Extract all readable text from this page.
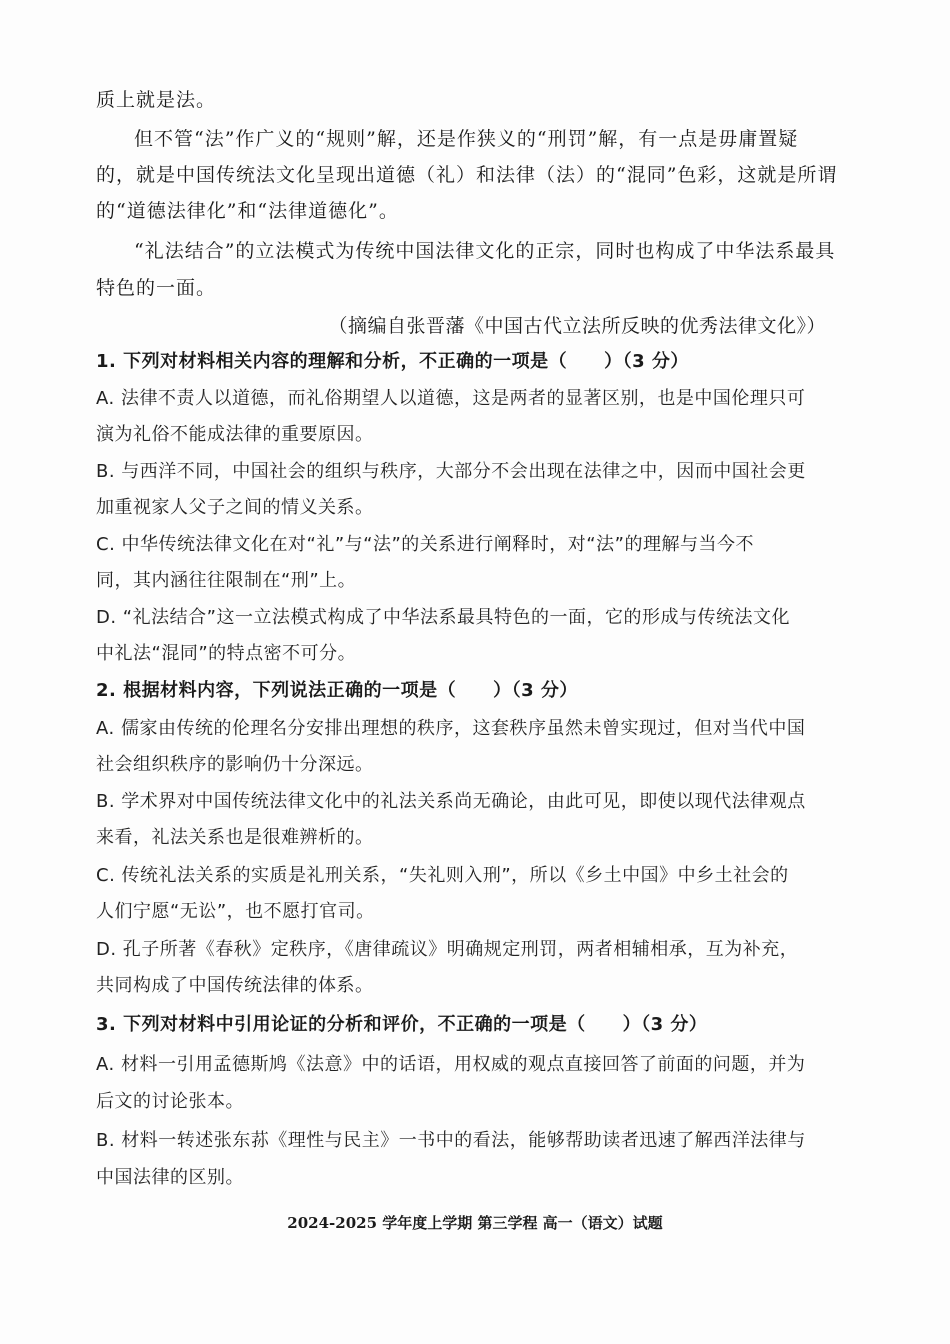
质上就是法。
但不管“法”作广义的“规则”解，还是作狭义的“刑罚”解，有一点是毋庸置疑
的，就是中国传统法文化呈现出道德（礼）和法律（法）的“混同”色彩，这就是所谓
的“道德法律化”和“法律道德化”。
“礼法结合”的立法模式为传统中国法律文化的正宗，同时也构成了中华法系最具
特色的一面。
（摘编自张晋藩《中国古代立法所反映的优秀法律文化》）
1. 下列对材料相关内容的理解和分析，不正确的一项是（　　）（3 分）
A. 法律不责人以道德，而礼俗期望人以道德，这是两者的显著区别，也是中国伦理只可
演为礼俗不能成法律的重要原因。
B. 与西洋不同，中国社会的组织与秩序，大部分不会出现在法律之中，因而中国社会更
加重视家人父子之间的情义关系。
C. 中华传统法律文化在对“礼”与“法”的关系进行阐释时，对“法”的理解与当今不
同，其内涵往往限制在“刑”上。
D. “礼法结合”这一立法模式构成了中华法系最具特色的一面，它的形成与传统法文化
中礼法“混同”的特点密不可分。
2. 根据材料内容，下列说法正确的一项是（　　）（3 分）
A. 儒家由传统的伦理名分安排出理想的秩序，这套秩序虽然未曾实现过，但对当代中国
社会组织秩序的影响仍十分深远。
B. 学术界对中国传统法律文化中的礼法关系尚无确论，由此可见，即使以现代法律观点
来看，礼法关系也是很难辨析的。
C. 传统礼法关系的实质是礼刑关系，“失礼则入刑”，所以《乡土中国》中乡土社会的
人们宁愿“无讼”，也不愿打官司。
D. 孔子所著《春秋》定秩序，《唐律疏议》明确规定刑罚，两者相辅相承，互为补充，
共同构成了中国传统法律的体系。
3. 下列对材料中引用论证的分析和评价，不正确的一项是（　　）（3 分）
A. 材料一引用孟德斯鸠《法意》中的话语，用权威的观点直接回答了前面的问题，并为
后文的讨论张本。
B. 材料一转述张东荪《理性与民主》一书中的看法，能够帮助读者迅速了解西洋法律与
中国法律的区别。
2024-2025 学年度上学期 第三学程 高一（语文）试题
